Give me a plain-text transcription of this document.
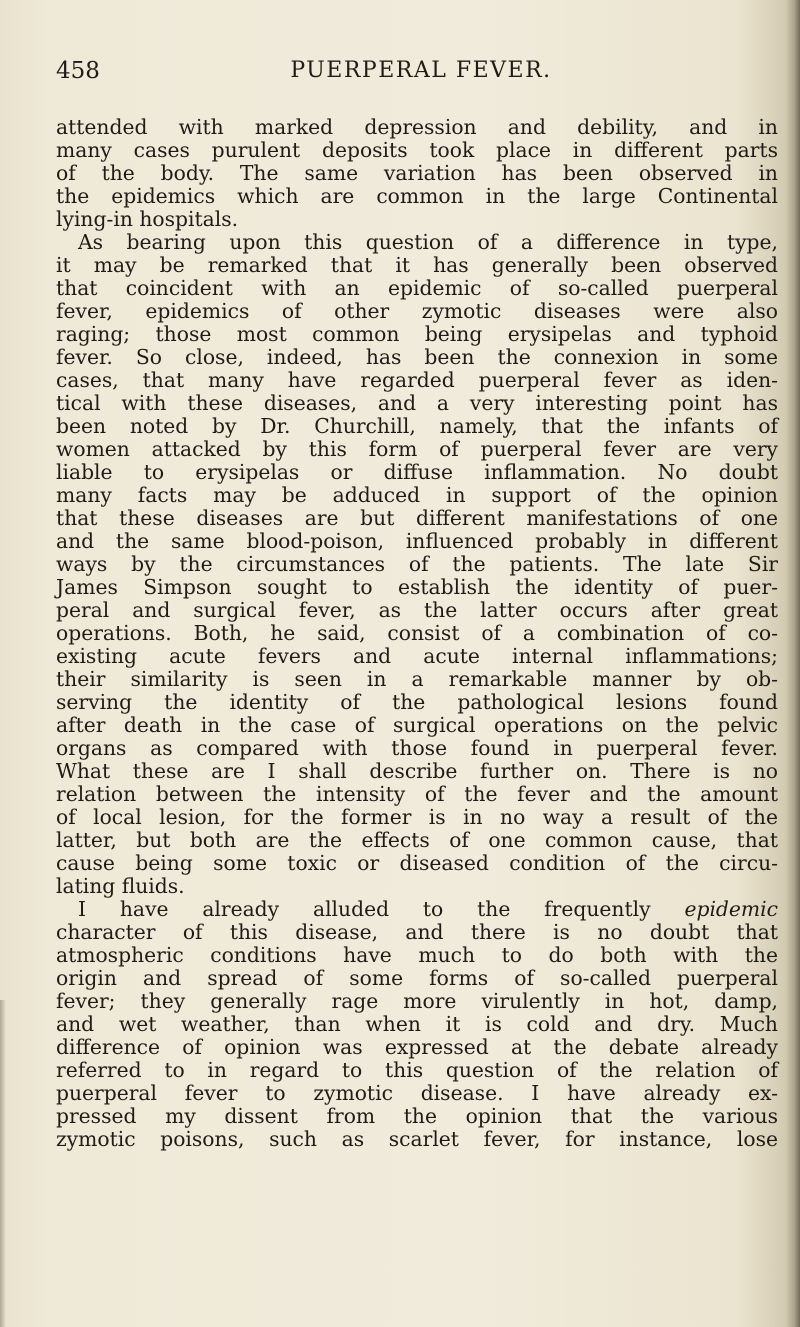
458	PUERPERAL FEVER.
attended with marked depression and debility, and in
many cases purulent deposits took place in different parts
of the body. The same variation has been observed in
the epidemics which are common in the large Continental
lying-in hospitals.
As bearing upon this question of a difference in type,
it may be remarked that it has generally been observed
that coincident with an epidemic of so-called puerperal
fever, epidemics of other zymotic diseases were also
raging; those most common being erysipelas and typhoid
fever. So close, indeed, has been the connexion in some
cases, that many have regarded puerperal fever as iden-
tical with these diseases, and a very interesting point has
been noted by Dr. Churchill, namely, that the infants of
women attacked by this form of puerperal fever are very
liable to erysipelas or diffuse inflammation. No doubt
many facts may be adduced in support of the opinion
that these diseases are but different manifestations of one
and the same blood-poison, influenced probably in different
ways by the circumstances of the patients. The late Sir
James Simpson sought to establish the identity of puer-
peral and surgical fever, as the latter occurs after great
operations. Both, he said, consist of a combination of co-
existing acute fevers and acute internal inflammations;
their similarity is seen in a remarkable manner by ob-
serving the identity of the pathological lesions found
after death in the case of surgical operations on the pelvic
organs as compared with those found in puerperal fever.
What these are I shall describe further on. There is no
relation between the intensity of the fever and the amount
of local lesion, for the former is in no way a result of the
latter, but both are the effects of one common cause, that
cause being some toxic or diseased condition of the circu-
lating fluids.
I have already alluded to the frequently epidemic
character of this disease, and there is no doubt that
atmospheric conditions have much to do both with the
origin and spread of some forms of so-called puerperal
fever; they generally rage more virulently in hot, damp,
and wet weather, than when it is cold and dry. Much
difference of opinion was expressed at the debate already
referred to in regard to this question of the relation of
puerperal fever to zymotic disease. I have already ex-
pressed my dissent from the opinion that the various
zymotic poisons, such as scarlet fever, for instance, lose
